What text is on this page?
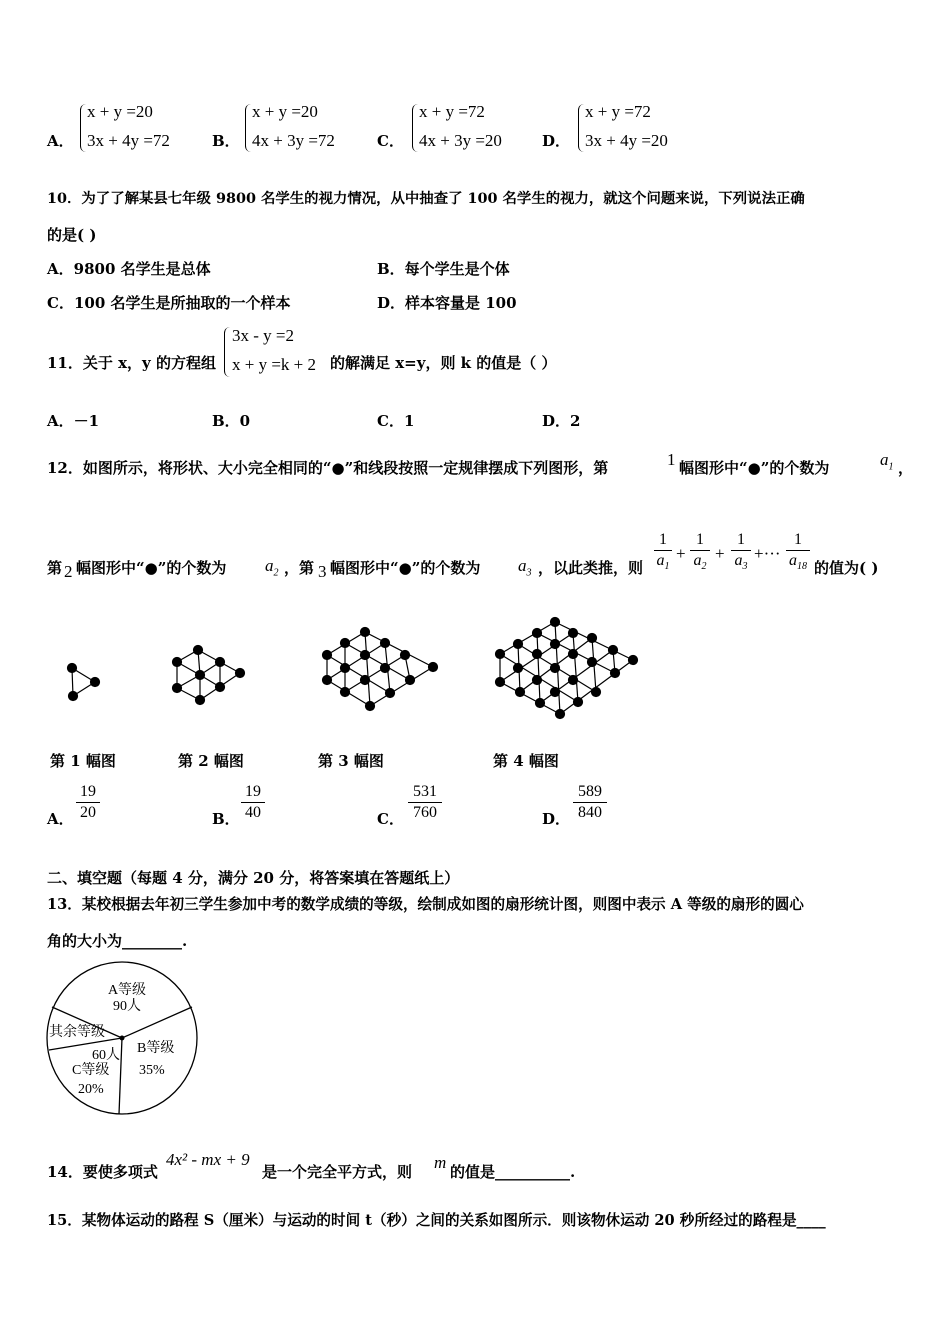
A．
x + y =20
3x + 4y =72	B．
x + y =20
4x + 3y =72	C．
x + y =72
4x + 3y =20	D．
x + y =72
3x + 4y =20
10．为了了解某县七年级 9800 名学生的视力情况，从中抽查了 100 名学生的视力，就这个问题来说，下列说法正确
的是( )
A．9800 名学生是总体	B．每个学生是个体
C．100 名学生是所抽取的一个样本	D．样本容量是 100
11．关于 x，y 的方程组
3x - y =2
x + y =k + 2 的解满足 x=y，则 k 的值是（ ）
A．－1	B．0	C．1	D．2
12．如图所示，将形状、大小完全相同的“●”和线段按照一定规律摆成下列图形，第	1 幅图形中“●”的个数为	$a_1$ ，
第 2 幅图形中“●”的个数为 $a_2$ ，第 3 幅图形中“●”的个数为 $a_3$ ，以此类推，则
1
$a_1$
+
1
$a_2$
+
1
$a_3$
+···
1
$a_{18}$ 的值为( )
第 1 幅图	第 2 幅图	第 3 幅图	第 4 幅图
A．
19
20	B．
19
40	C．
531
760	D．
589
840
二、填空题（每题 4 分，满分 20 分，将答案填在答题纸上）
13．某校根据去年初三学生参加中考的数学成绩的等级，绘制成如图的扇形统计图，则图中表示 A 等级的扇形的圆心
角的大小为________.
A等级
90人
其余等级
60人 B等级
35%
C等级
20%
14．要使多项式
4x² - mx + 9
是一个完全平方式，则 m 的值是__________.
15．某物体运动的路程 S（厘米）与运动的时间 t（秒）之间的关系如图所示．则该物休运动 20 秒所经过的路程是____
